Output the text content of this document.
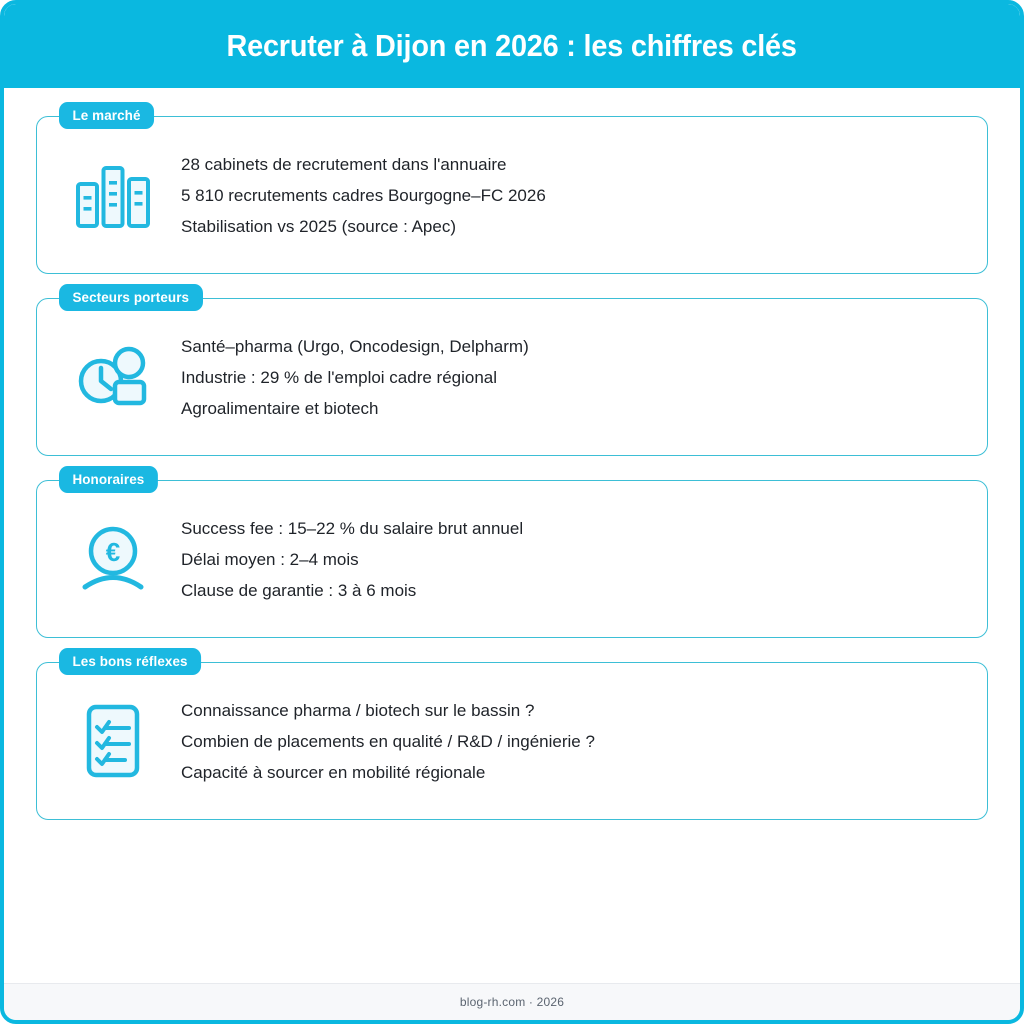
Recruter à Dijon en 2026 : les chiffres clés
Le marché
28 cabinets de recrutement dans l'annuaire
5 810 recrutements cadres Bourgogne–FC 2026
Stabilisation vs 2025 (source : Apec)
Secteurs porteurs
Santé–pharma (Urgo, Oncodesign, Delpharm)
Industrie : 29 % de l'emploi cadre régional
Agroalimentaire et biotech
Honoraires
€
Success fee : 15–22 % du salaire brut annuel
Délai moyen : 2–4 mois
Clause de garantie : 3 à 6 mois
Les bons réflexes
Connaissance pharma / biotech sur le bassin ?
Combien de placements en qualité / R&D / ingénierie ?
Capacité à sourcer en mobilité régionale
blog-rh.com · 2026
